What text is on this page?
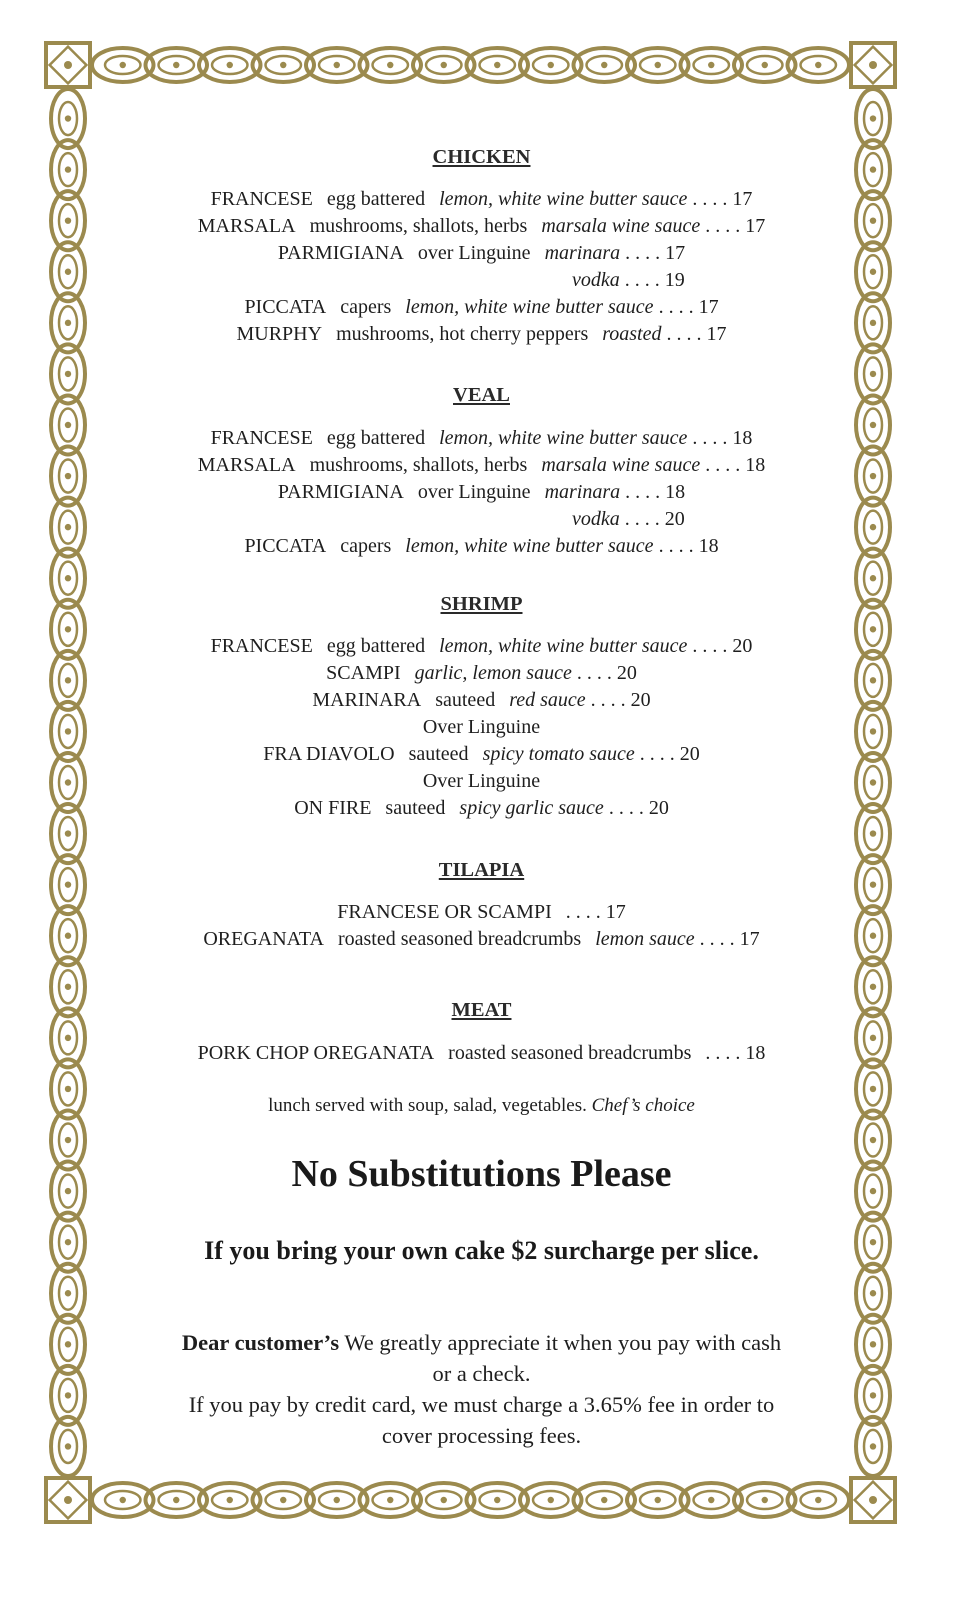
CHICKEN
FRANCESE egg battered lemon, white wine butter sauce . . . . 17
MARSALA mushrooms, shallots, herbs marsala wine sauce . . . . 17
PARMIGIANA over Linguine marinara . . . . 17
vodka . . . . 19
PICCATA capers lemon, white wine butter sauce . . . . 17
MURPHY mushrooms, hot cherry peppers roasted . . . . 17
VEAL
FRANCESE egg battered lemon, white wine butter sauce . . . . 18
MARSALA mushrooms, shallots, herbs marsala wine sauce . . . . 18
PARMIGIANA over Linguine marinara . . . . 18
vodka . . . . 20
PICCATA capers lemon, white wine butter sauce . . . . 18
SHRIMP
FRANCESE egg battered lemon, white wine butter sauce . . . . 20
SCAMPI garlic, lemon sauce . . . . 20
MARINARA sauteed red sauce . . . . 20
Over Linguine
FRA DIAVOLO sauteed spicy tomato sauce . . . . 20
Over Linguine
ON FIRE sauteed spicy garlic sauce . . . . 20
TILAPIA
FRANCESE OR SCAMPI . . . . 17
OREGANATA roasted seasoned breadcrumbs lemon sauce . . . . 17
MEAT
PORK CHOP OREGANATA roasted seasoned breadcrumbs . . . . 18
lunch served with soup, salad, vegetables. Chef’s choice
No Substitutions Please
If you bring your own cake $2 surcharge per slice.
Dear customer’s We greatly appreciate it when you pay with cash
or a check.
If you pay by credit card, we must charge a 3.65% fee in order to
cover processing fees.
